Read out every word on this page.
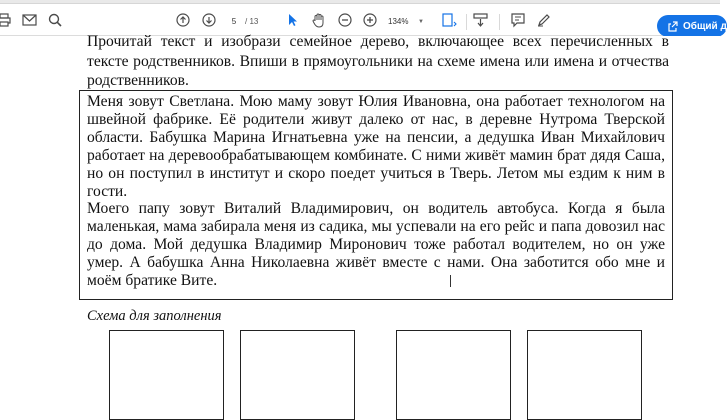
5	/ 13	134% ▼	Общий д

Прочитай текст и изобрази семейное дерево, включающее всех перечисленных в тексте родственников. Впиши в прямоугольники на схеме имена или имена и отчества родственников.

Меня зовут Светлана. Мою маму зовут Юлия Ивановна, она работает технологом на швейной фабрике. Её родители живут далеко от нас, в деревне Нутрома Тверской области. Бабушка Марина Игнатьевна уже на пенсии, а дедушка Иван Михайлович работает на деревообрабатывающем комбинате. С ними живёт мамин брат дядя Саша, но он поступил в институт и скоро поедет учиться в Тверь. Летом мы ездим к ним в гости.

Моего папу зовут Виталий Владимирович, он водитель автобуса. Когда я была маленькая, мама забирала меня из садика, мы успевали на его рейс и папа довозил нас до дома. Мой дедушка Владимир Миронович тоже работал водителем, но он уже умер. А бабушка Анна Николаевна живёт вместе с нами. Она заботится обо мне и моём братике Вите.

Схема для заполнения
